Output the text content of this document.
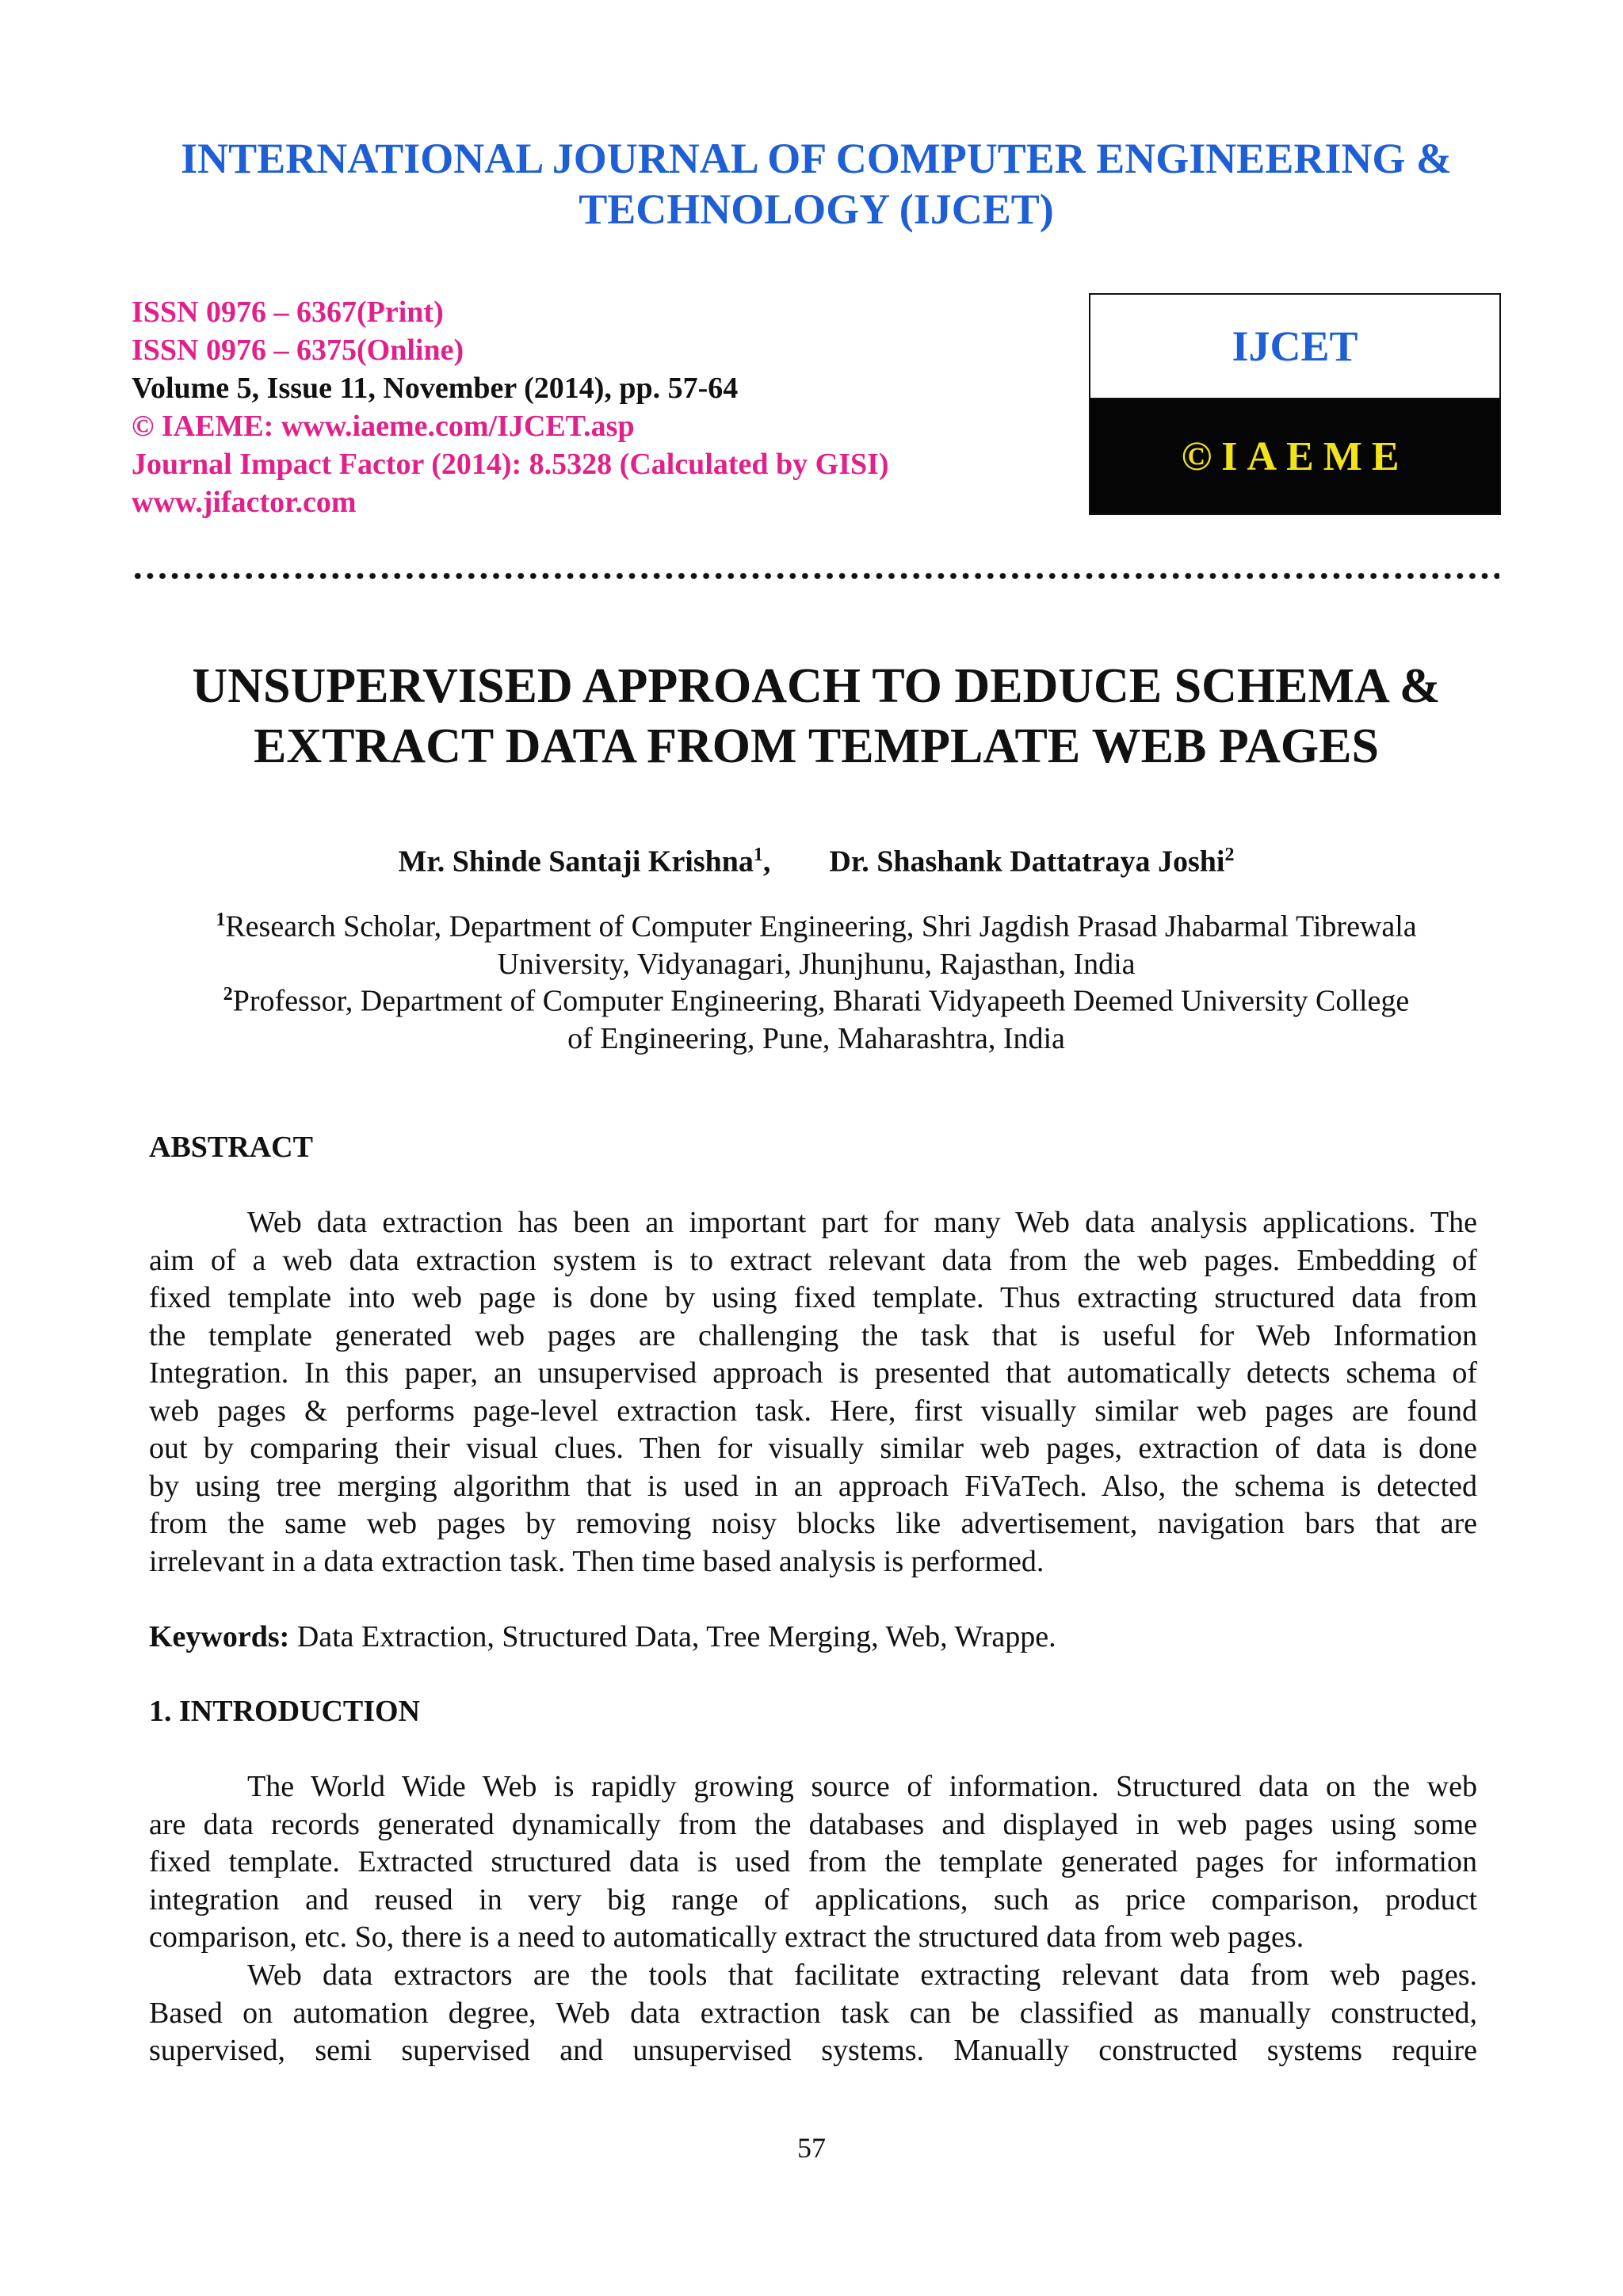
INTERNATIONAL JOURNAL OF COMPUTER ENGINEERING &
TECHNOLOGY (IJCET)
ISSN 0976 – 6367(Print)
ISSN 0976 – 6375(Online)
Volume 5, Issue 11, November (2014), pp. 57-64
© IAEME: www.iaeme.com/IJCET.asp
Journal Impact Factor (2014): 8.5328 (Calculated by GISI)
www.jifactor.com
IJCET
©IAEME
UNSUPERVISED APPROACH TO DEDUCE SCHEMA &
EXTRACT DATA FROM TEMPLATE WEB PAGES
Mr. Shinde Santaji Krishna$^1$, Dr. Shashank Dattatraya Joshi$^2$
$^1$Research Scholar, Department of Computer Engineering, Shri Jagdish Prasad Jhabarmal Tibrewala
University, Vidyanagari, Jhunjhunu, Rajasthan, India
$^2$Professor, Department of Computer Engineering, Bharati Vidyapeeth Deemed University College
of Engineering, Pune, Maharashtra, India
ABSTRACT
Web data extraction has been an important part for many Web data analysis applications. The
aim of a web data extraction system is to extract relevant data from the web pages. Embedding of
fixed template into web page is done by using fixed template. Thus extracting structured data from
the template generated web pages are challenging the task that is useful for Web Information
Integration. In this paper, an unsupervised approach is presented that automatically detects schema of
web pages & performs page-level extraction task. Here, first visually similar web pages are found
out by comparing their visual clues. Then for visually similar web pages, extraction of data is done
by using tree merging algorithm that is used in an approach FiVaTech. Also, the schema is detected
from the same web pages by removing noisy blocks like advertisement, navigation bars that are
irrelevant in a data extraction task. Then time based analysis is performed.
Keywords: Data Extraction, Structured Data, Tree Merging, Web, Wrappe.
1. INTRODUCTION
The World Wide Web is rapidly growing source of information. Structured data on the web
are data records generated dynamically from the databases and displayed in web pages using some
fixed template. Extracted structured data is used from the template generated pages for information
integration and reused in very big range of applications, such as price comparison, product
comparison, etc. So, there is a need to automatically extract the structured data from web pages.
Web data extractors are the tools that facilitate extracting relevant data from web pages.
Based on automation degree, Web data extraction task can be classified as manually constructed,
supervised, semi supervised and unsupervised systems. Manually constructed systems require
57
